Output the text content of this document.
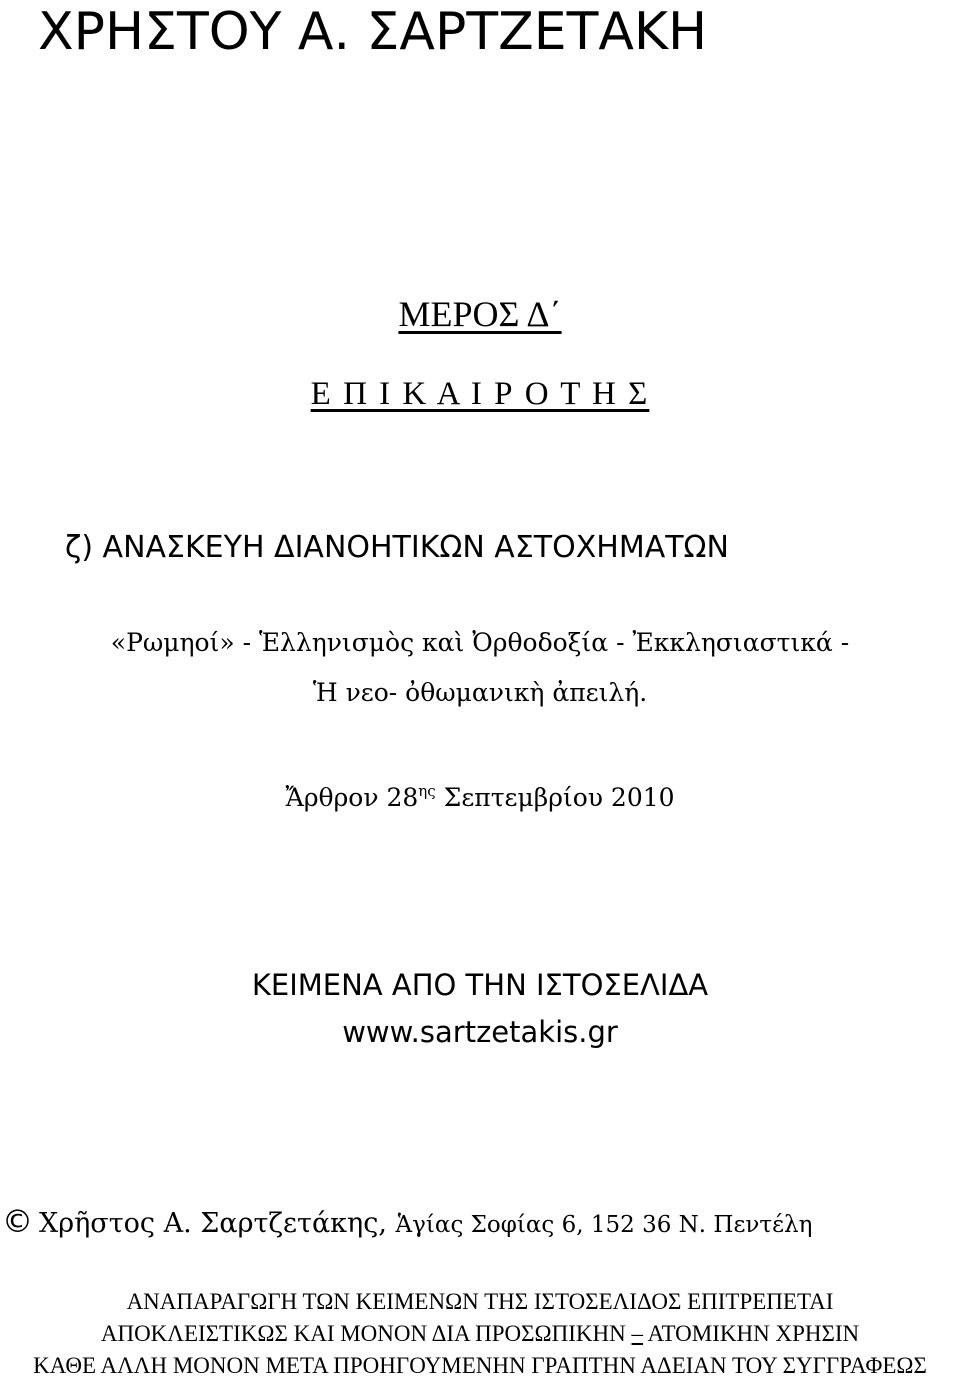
ΧΡΗΣΤΟΥ Α. ΣΑΡΤΖΕΤΑΚΗ
ΜΕΡΟΣ Δ΄
Ε Π Ι Κ Α Ι Ρ Ο Τ Η Σ
ζ) ΑΝΑΣΚΕΥΗ ΔΙΑΝΟΗΤΙΚΩΝ ΑΣΤΟΧΗΜΑΤΩΝ
«Ρωμηοί» - Ἑλληνισμὸς καὶ Ὀρθοδοξία - Ἐκκλησιαστικά -
Ἡ νεο- ὀθωμανικὴ ἀπειλή.
Ἄρθρον $28^{\eta\varsigma}$ Σεπτεμβρίου 2010
ΚΕΙΜΕΝΑ ΑΠΟ ΤΗΝ ΙΣΤΟΣΕΛΙΔΑ
www.sartzetakis.gr
© Χρῆστος Α. Σαρτζετάκης, Ἁγίας Σοφίας 6, 152 36 Ν. Πεντέλη
ΑΝΑΠΑΡΑΓΩΓΗ ΤΩΝ ΚΕΙΜΕΝΩΝ ΤΗΣ ΙΣΤΟΣΕΛΙΔΟΣ ΕΠΙΤΡΕΠΕΤΑΙ
ΑΠΟΚΛΕΙΣΤΙΚΩΣ ΚΑΙ ΜΟΝΟΝ ΔΙΑ ΠΡΟΣΩΠΙΚΗΝ – ΑΤΟΜΙΚΗΝ ΧΡΗΣΙΝ
ΚΑΘΕ ΑΛΛΗ ΜΟΝΟΝ ΜΕΤΑ ΠΡΟΗΓΟΥΜΕΝΗΝ ΓΡΑΠΤΗΝ ΑΔΕΙΑΝ ΤΟΥ ΣΥΓΓΡΑΦΕΩΣ
